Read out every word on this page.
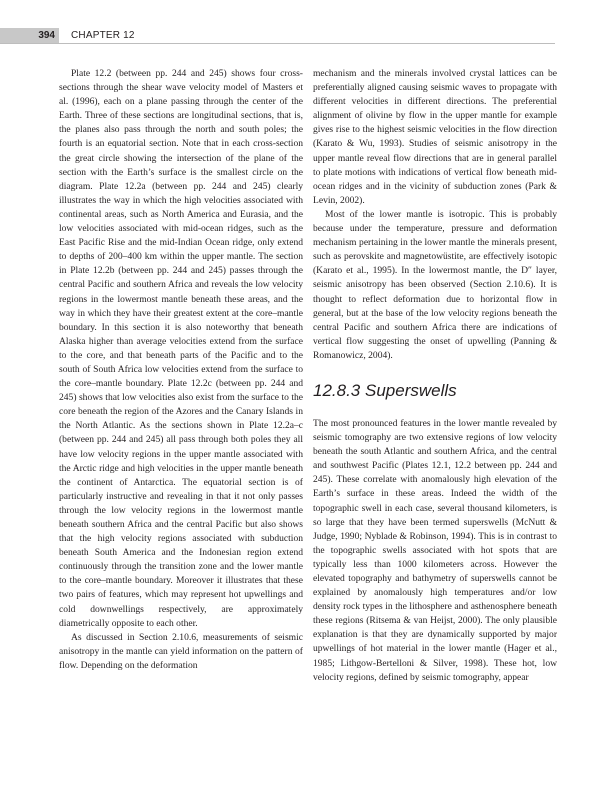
394	CHAPTER 12

Plate 12.2 (between pp. 244 and 245) shows four cross-sections through the shear wave velocity model of Masters et al. (1996), each on a plane passing through the center of the Earth. Three of these sections are longitudinal sections, that is, the planes also pass through the north and south poles; the fourth is an equatorial section. Note that in each cross-section the great circle showing the intersection of the plane of the section with the Earth’s surface is the smallest circle on the diagram. Plate 12.2a (between pp. 244 and 245) clearly illustrates the way in which the high velocities associated with continental areas, such as North America and Eurasia, and the low velocities associated with mid-ocean ridges, such as the East Pacific Rise and the mid-Indian Ocean ridge, only extend to depths of 200–400 km within the upper mantle. The section in Plate 12.2b (between pp. 244 and 245) passes through the central Pacific and southern Africa and reveals the low velocity regions in the lowermost mantle beneath these areas, and the way in which they have their greatest extent at the core–mantle boundary. In this section it is also noteworthy that beneath Alaska higher than average velocities extend from the surface to the core, and that beneath parts of the Pacific and to the south of South Africa low velocities extend from the surface to the core–mantle boundary. Plate 12.2c (between pp. 244 and 245) shows that low velocities also exist from the surface to the core beneath the region of the Azores and the Canary Islands in the North Atlantic. As the sections shown in Plate 12.2a–c (between pp. 244 and 245) all pass through both poles they all have low velocity regions in the upper mantle associated with the Arctic ridge and high velocities in the upper mantle beneath the continent of Antarctica. The equatorial section is of particularly instructive and revealing in that it not only passes through the low velocity regions in the lowermost mantle beneath southern Africa and the central Pacific but also shows that the high velocity regions associated with subduction beneath South America and the Indonesian region extend continuously through the transition zone and the lower mantle to the core–mantle boundary. Moreover it illustrates that these two pairs of features, which may represent hot upwellings and cold downwellings respectively, are approximately diametrically opposite to each other.

As discussed in Section 2.10.6, measurements of seismic anisotropy in the mantle can yield information on the pattern of flow. Depending on the deformation

mechanism and the minerals involved crystal lattices can be preferentially aligned causing seismic waves to propagate with different velocities in different directions. The preferential alignment of olivine by flow in the upper mantle for example gives rise to the highest seismic velocities in the flow direction (Karato & Wu, 1993). Studies of seismic anisotropy in the upper mantle reveal flow directions that are in general parallel to plate motions with indications of vertical flow beneath mid-ocean ridges and in the vicinity of subduction zones (Park & Levin, 2002).

Most of the lower mantle is isotropic. This is probably because under the temperature, pressure and deformation mechanism pertaining in the lower mantle the minerals present, such as perovskite and magnetowüstite, are effectively isotopic (Karato et al., 1995). In the lowermost mantle, the D″ layer, seismic anisotropy has been observed (Section 2.10.6). It is thought to reflect deformation due to horizontal flow in general, but at the base of the low velocity regions beneath the central Pacific and southern Africa there are indications of vertical flow suggesting the onset of upwelling (Panning & Romanowicz, 2004).

12.8.3 Superswells

The most pronounced features in the lower mantle revealed by seismic tomography are two extensive regions of low velocity beneath the south Atlantic and southern Africa, and the central and southwest Pacific (Plates 12.1, 12.2 between pp. 244 and 245). These correlate with anomalously high elevation of the Earth’s surface in these areas. Indeed the width of the topographic swell in each case, several thousand kilometers, is so large that they have been termed superswells (McNutt & Judge, 1990; Nyblade & Robinson, 1994). This is in contrast to the topographic swells associated with hot spots that are typically less than 1000 kilometers across. However the elevated topography and bathymetry of superswells cannot be explained by anomalously high temperatures and/or low density rock types in the lithosphere and asthenosphere beneath these regions (Ritsema & van Heijst, 2000). The only plausible explanation is that they are dynamically supported by major upwellings of hot material in the lower mantle (Hager et al., 1985; Lithgow-Bertelloni & Silver, 1998). These hot, low velocity regions, defined by seismic tomography, appear
